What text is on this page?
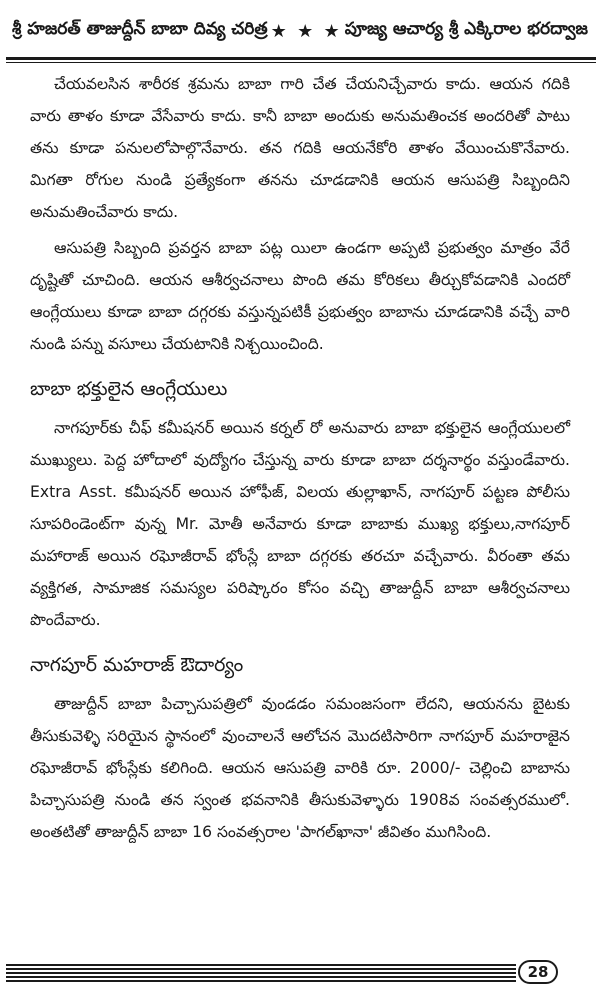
శ్రీ హజరత్ తాజుద్దీన్ బాబా దివ్య చరిత్ర ★ ★ ★ పూజ్య ఆచార్య శ్రీ ఎక్కిరాల భరద్వాజ

చేయవలసిన శారీరక శ్రమను బాబా గారి చేత చేయనిచ్చేవారు కాదు. ఆయన గదికి వారు తాళం కూడా వేసేవారు కాదు. కానీ బాబా అందుకు అనుమతించక అందరితో పాటు తను కూడా పనులలోపాల్గొనేవారు. తన గదికి ఆయనేకోరి తాళం వేయించుకొనేవారు. మిగతా రోగుల నుండి ప్రత్యేకంగా తనను చూడడానికి ఆయన ఆసుపత్రి సిబ్బందిని అనుమతించేవారు కాదు.

ఆసుపత్రి సిబ్బంది ప్రవర్తన బాబా పట్ల యిలా ఉండగా అప్పటి ప్రభుత్వం మాత్రం వేరే దృష్టితో చూచింది. ఆయన ఆశీర్వచనాలు పొంది తమ కోరికలు తీర్చుకోవడానికి ఎందరో ఆంగ్లేయులు కూడా బాబా దగ్గరకు వస్తున్నపటికీ ప్రభుత్వం బాబాను చూడడానికి వచ్చే వారి నుండి పన్ను వసూలు చేయటానికి నిశ్చయించింది.

బాబా భక్తులైన ఆంగ్లేయులు

నాగపూర్‌కు చీఫ్ కమీషనర్ అయిన కర్నల్ రో అనువారు బాబా భక్తులైన ఆంగ్లేయులలో ముఖ్యులు. పెద్ద హోదాలో వుద్యోగం చేస్తున్న వారు కూడా బాబా దర్శనార్థం వస్తుండేవారు. Extra Asst. కమీషనర్ అయిన హోఫీజ్, విలయ తుల్లాఖాన్, నాగపూర్ పట్టణ పోలీసు సూపరిండెంట్‌గా వున్న Mr. మోతీ అనేవారు కూడా బాబాకు ముఖ్య భక్తులు,నాగపూర్ మహారాజ్ అయిన రఘోజీరావ్ భోంస్లే బాబా దగ్గరకు తరచూ వచ్చేవారు. వీరంతా తమ వ్యక్తిగత, సామాజిక సమస్యల పరిష్కారం కోసం వచ్చి తాజుద్దీన్ బాబా ఆశీర్వచనాలు పొందేవారు.

నాగపూర్ మహరాజ్ ఔదార్యం

తాజుద్దీన్ బాబా పిచ్చాసుపత్రిలో వుండడం సమంజసంగా లేదని, ఆయనను బైటకు తీసుకువెళ్ళి సరియైన స్థానంలో వుంచాలనే ఆలోచన మొదటిసారిగా నాగపూర్ మహరాజైన రఘోజీరావ్ భోంస్లేకు కలిగింది. ఆయన ఆసుపత్రి వారికి రూ. 2000/- చెల్లించి బాబాను పిచ్చాసుపత్రి నుండి తన స్వంత భవనానికి తీసుకువెళ్ళారు 1908వ సంవత్సరములో. అంతటితో తాజుద్దీన్ బాబా 16 సంవత్సరాల 'పాగల్‌ఖానా' జీవితం ముగిసింది.

28
